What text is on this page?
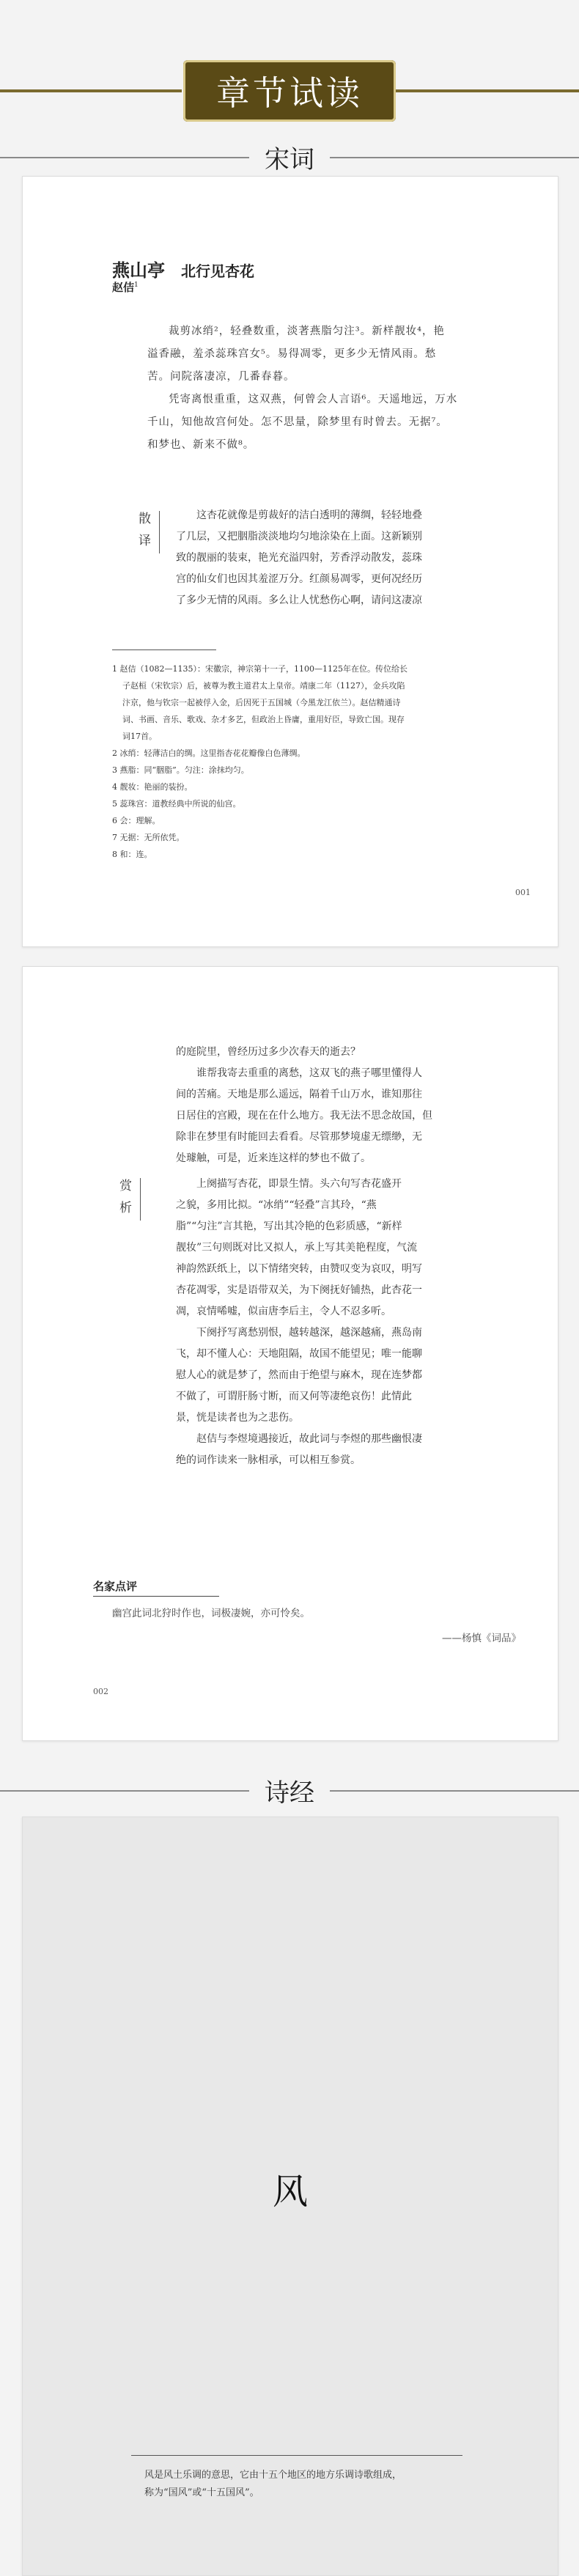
章节试读
宋词
燕山亭 北行见杏花
赵佶$^1$
裁剪冰绡²，轻叠数重，淡著燕脂匀注³。新样靓妆⁴，艳
溢香融，羞杀蕊珠宫女⁵。易得凋零，更多少无情风雨。愁
苦。问院落凄凉，几番春暮。
凭寄离恨重重，这双燕，何曾会人言语⁶。天遥地远，万水
千山，知他故宫何处。怎不思量，除梦里有时曾去。无据⁷。
和梦也、新来不做⁸。
散
译
这杏花就像是剪裁好的洁白透明的薄绸，轻轻地叠
了几层，又把胭脂淡淡地均匀地涂染在上面。这新颖别
致的靓丽的装束，艳光充溢四射，芳香浮动散发，蕊珠
宫的仙女们也因其羞涩万分。红颜易凋零，更何况经历
了多少无情的风雨。多么让人忧愁伤心啊，请问这凄凉
1 赵佶（1082—1135）：宋徽宗，神宗第十一子，1100—1125年在位。传位给长
子赵桓（宋钦宗）后，被尊为教主道君太上皇帝。靖康二年（1127），金兵攻陷
汴京，他与钦宗一起被俘入金，后因死于五国城（今黑龙江依兰）。赵佶精通诗
词、书画、音乐、歌戏、杂才多艺，但政治上昏庸，重用好臣，导致亡国。现存
词17首。
2 冰绡：轻薄洁白的绸。这里指杏花花瓣像白色薄绸。
3 燕脂：同“胭脂”。匀注：涂抹均匀。
4 靓妆：艳丽的装扮。
5 蕊珠宫：道教经典中所说的仙宫。
6 会：理解。
7 无据：无所依凭。
8 和：连。
001
的庭院里，曾经历过多少次春天的逝去？
谁帮我寄去重重的离愁，这双飞的燕子哪里懂得人
间的苦痛。天地是那么遥远，隔着千山万水，谁知那往
日居住的宫殿，现在在什么地方。我无法不思念故国，但
除非在梦里有时能回去看看。尽管那梦境虚无缥缈，无
处璩触，可是，近来连这样的梦也不做了。
赏
析
上阕描写杏花，即景生情。头六句写杏花盛开
之貌，多用比拟。“冰绡”“轻叠”言其玲，“燕
脂”“匀注”言其艳，写出其冷艳的色彩质感，“新样
靓妆”三句则既对比又拟人，承上写其美艳程度，气流
神韵然跃纸上，以下情绪突转，由赞叹变为哀叹，明写
杏花凋零，实是语带双关，为下阕抚好铺热，此杏花一
凋，哀情唏嘘，似亩唐李后主，令人不忍多听。
下阕抒写离愁别恨，越转越深，越深越痛，燕岛南
飞，却不懂人心：天地阻隔，故国不能望见；唯一能聊
慰人心的就是梦了，然而由于绝望与麻木，现在连梦都
不做了，可谓肝肠寸断，而又何等凄绝哀伤！此情此
景，恍是读者也为之悲伤。
赵佶与李煜境遇接近，故此词与李煜的那些幽恨凄
绝的词作读来一脉相承，可以相互参赏。
名家点评
幽宫此词北狩时作也，词极凄婉，亦可怜矣。
——杨慎《词品》
002
诗经
风
风是风土乐调的意思，它由十五个地区的地方乐调诗歌组成，
称为“国风”或“十五国风”。
